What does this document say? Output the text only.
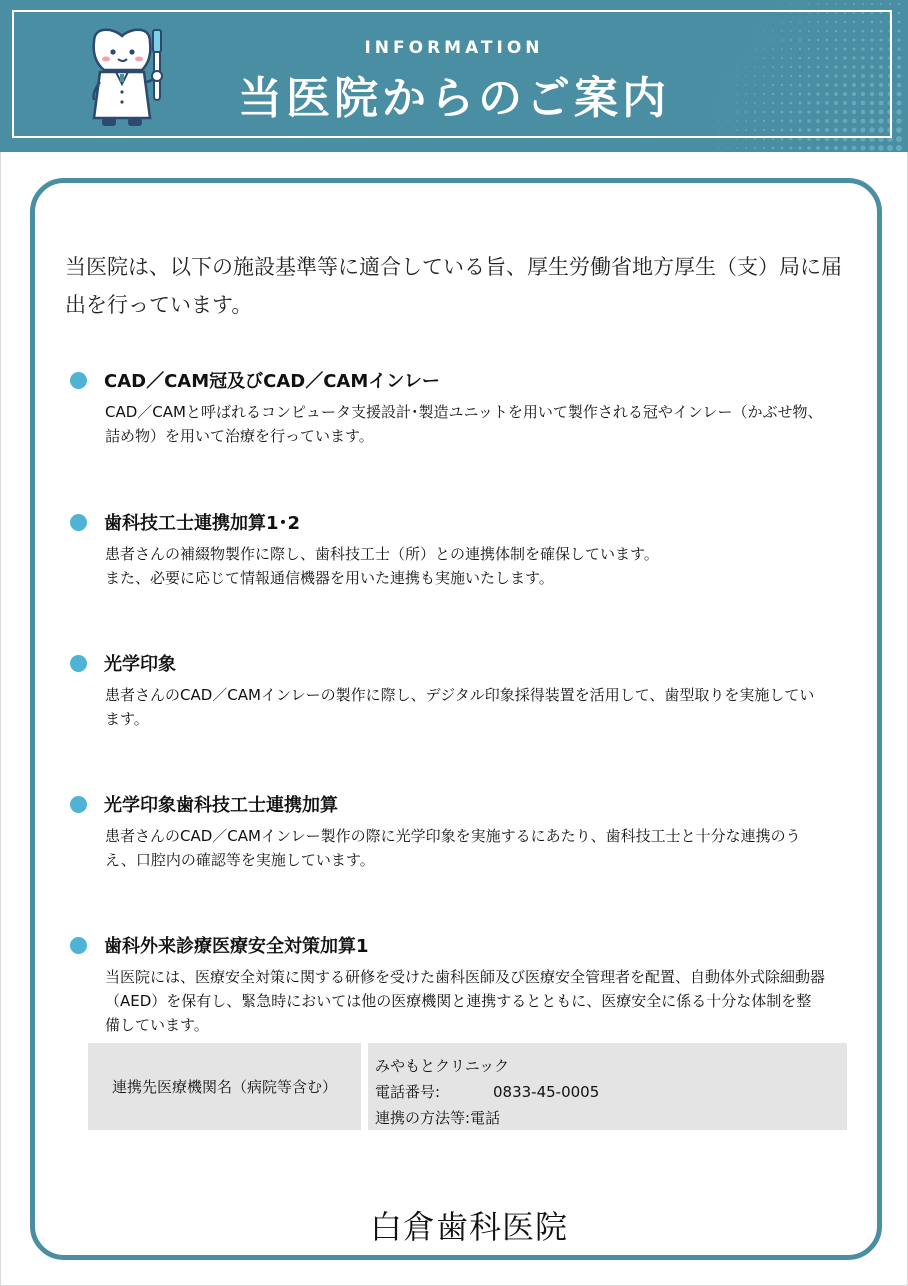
INFORMATION
当医院からのご案内
当医院は、以下の施設基準等に適合している旨、厚生労働省地方厚生（支）局に届出を行っています。
CAD／CAM冠及びCAD／CAMインレー
CAD／CAMと呼ばれるコンピュータ支援設計･製造ユニットを用いて製作される冠やインレー（かぶせ物、詰め物）を用いて治療を行っています。
歯科技工士連携加算1･2
患者さんの補綴物製作に際し、歯科技工士（所）との連携体制を確保しています。
また、必要に応じて情報通信機器を用いた連携も実施いたします。
光学印象
患者さんのCAD／CAMインレーの製作に際し、デジタル印象採得装置を活用して、歯型取りを実施しています。
光学印象歯科技工士連携加算
患者さんのCAD／CAMインレー製作の際に光学印象を実施するにあたり、歯科技工士と十分な連携のうえ、口腔内の確認等を実施しています。
歯科外来診療医療安全対策加算1
当医院には、医療安全対策に関する研修を受けた歯科医師及び医療安全管理者を配置、自動体外式除細動器（AED）を保有し、緊急時においては他の医療機関と連携するとともに、医療安全に係る十分な体制を整備しています。
連携先医療機関名（病院等含む）
みやもとクリニック
電話番号:	0833-45-0005
連携の方法等: 電話
白倉歯科医院
